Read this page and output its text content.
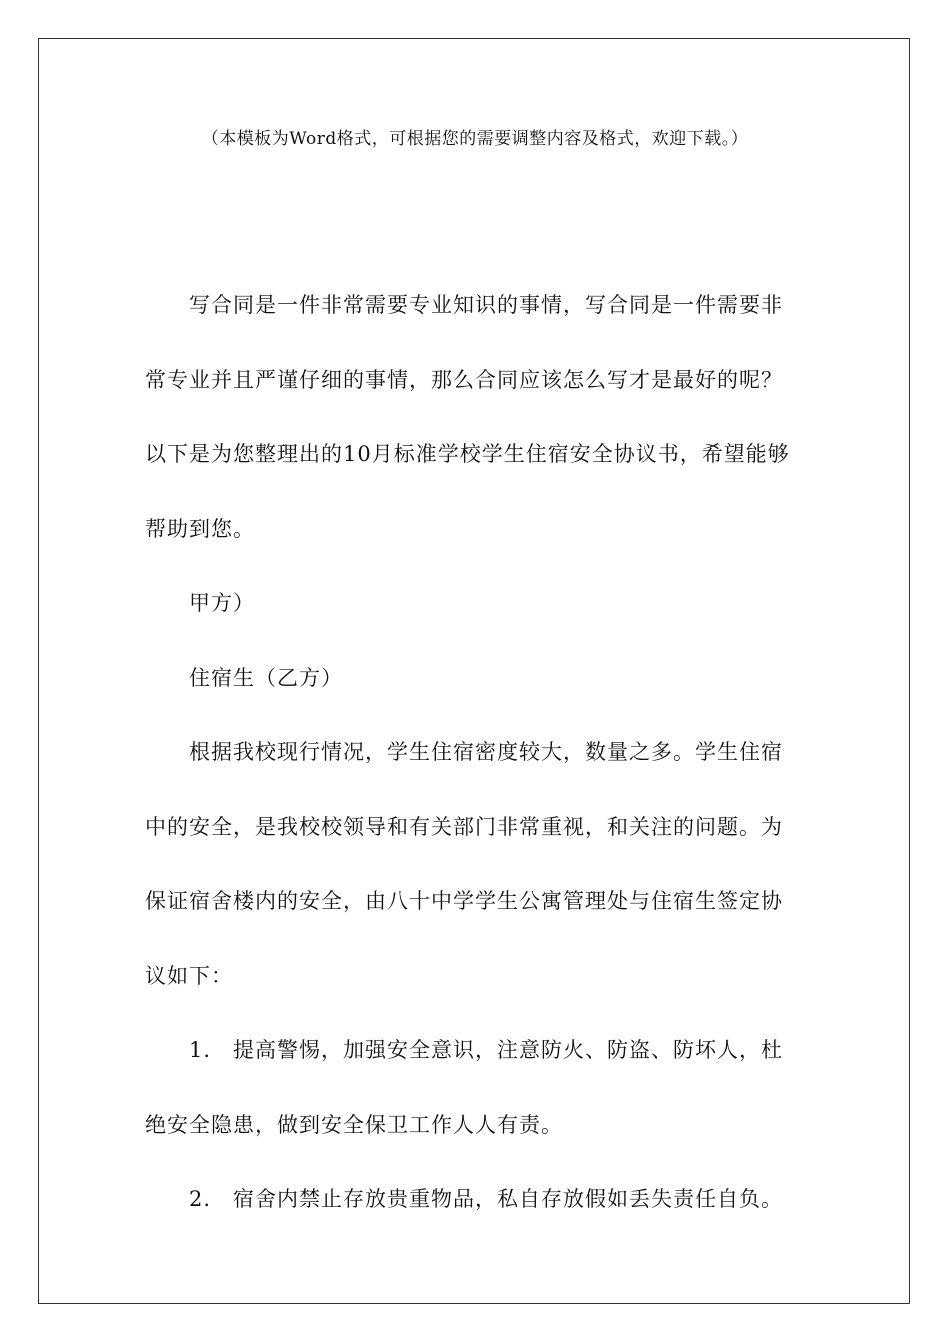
（本模板为Word格式，可根据您的需要调整内容及格式，欢迎下载。）

写合同是一件非常需要专业知识的事情，写合同是一件需要非

常专业并且严谨仔细的事情，那么合同应该怎么写才是最好的呢？

以下是为您整理出的10月标准学校学生住宿安全协议书，希望能够

帮助到您。

甲方）

住宿生（乙方）

根据我校现行情况，学生住宿密度较大，数量之多。学生住宿

中的安全，是我校校领导和有关部门非常重视，和关注的问题。为

保证宿舍楼内的安全，由八十中学学生公寓管理处与住宿生签定协

议如下：

1.　提高警惕，加强安全意识，注意防火、防盗、防坏人，杜

绝安全隐患，做到安全保卫工作人人有责。

2.　宿舍内禁止存放贵重物品，私自存放假如丢失责任自负。
